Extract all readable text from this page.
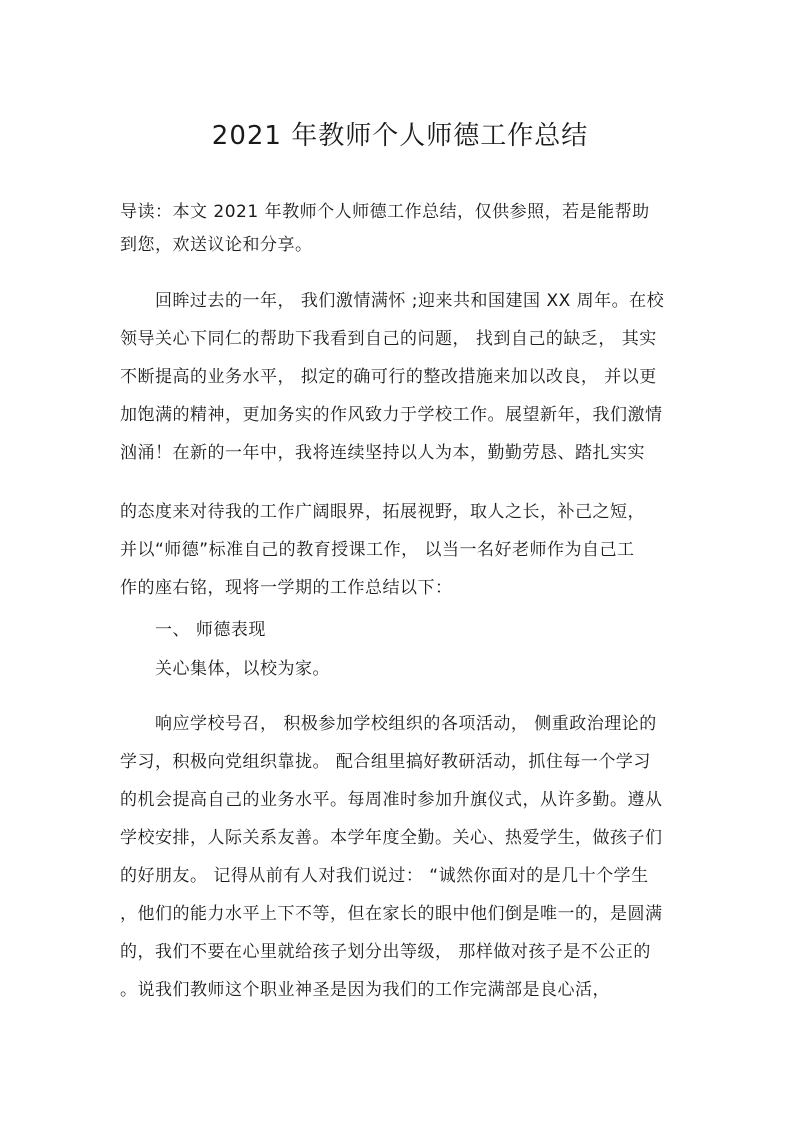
2021 年教师个人师德工作总结
导读：本文 2021 年教师个人师德工作总结，仅供参照，若是能帮助
到您，欢送议论和分享。
回眸过去的一年， 我们激情满怀 ;迎来共和国建国 XX 周年。在校
领导关心下同仁的帮助下我看到自己的问题， 找到自己的缺乏， 其实
不断提高的业务水平， 拟定的确可行的整改措施来加以改良， 并以更
加饱满的精神，更加务实的作风致力于学校工作。展望新年，我们激情
汹涌！在新的一年中，我将连续坚持以人为本，勤勤劳恳、踏扎实实
的态度来对待我的工作广阔眼界，拓展视野，取人之长，补己之短，
并以“师德”标准自己的教育授课工作， 以当一名好老师作为自己工
作的座右铭，现将一学期的工作总结以下：
一、 师德表现
关心集体，以校为家。
响应学校号召， 积极参加学校组织的各项活动， 侧重政治理论的
学习，积极向党组织靠拢。 配合组里搞好教研活动，抓住每一个学习
的机会提高自己的业务水平。每周准时参加升旗仪式，从许多勤。遵从
学校安排，人际关系友善。本学年度全勤。关心、热爱学生，做孩子们
的好朋友。 记得从前有人对我们说过： “诚然你面对的是几十个学生
，他们的能力水平上下不等，但在家长的眼中他们倒是唯一的，是圆满
的，我们不要在心里就给孩子划分出等级， 那样做对孩子是不公正的
。说我们教师这个职业神圣是因为我们的工作完满部是良心活，
